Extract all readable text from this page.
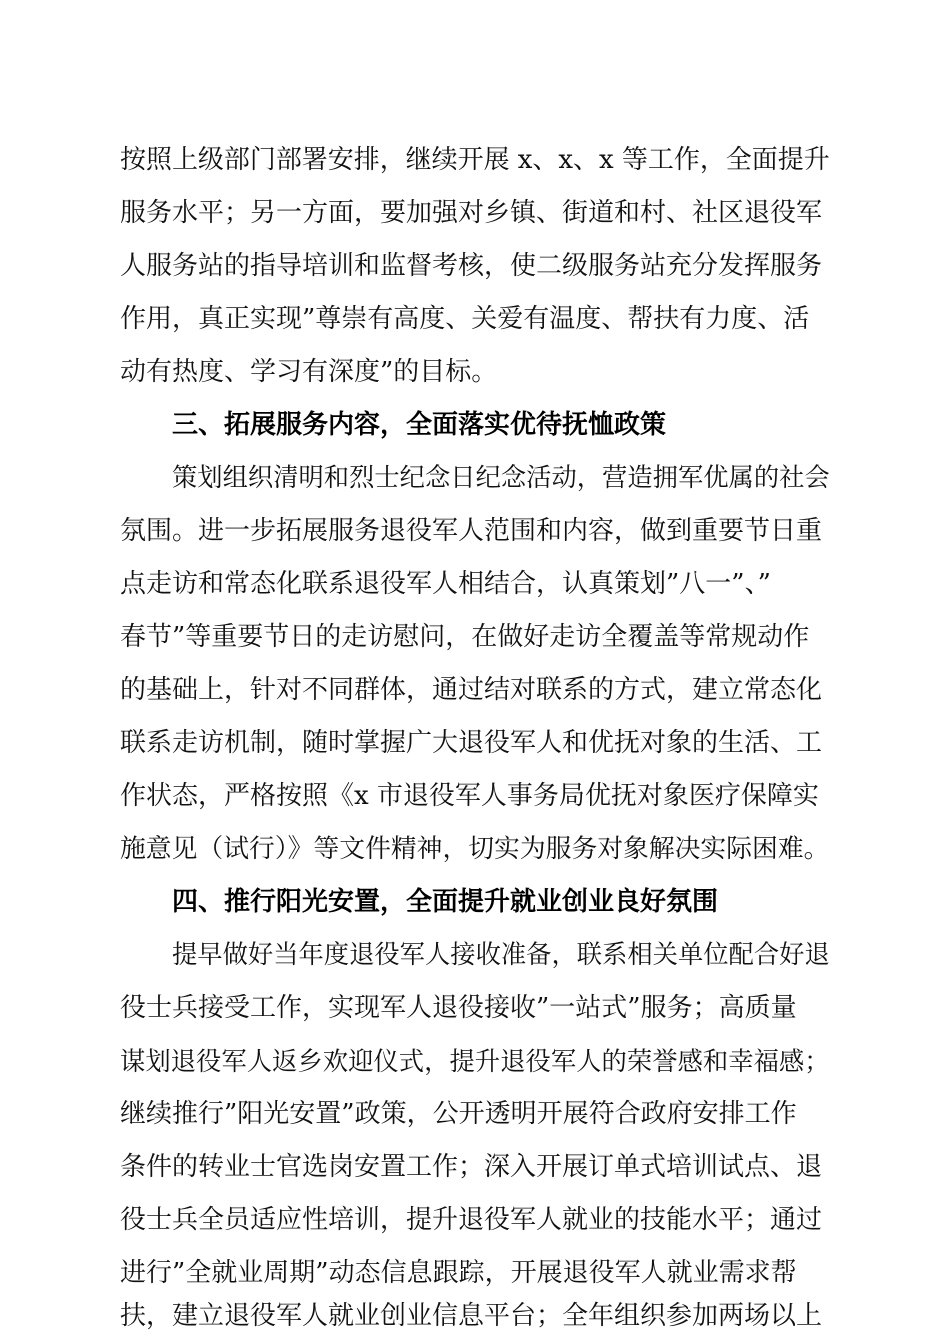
按照上级部门部署安排，继续开展 x、x、x 等工作，全面提升
服务水平；另一方面，要加强对乡镇、街道和村、社区退役军
人服务站的指导培训和监督考核，使二级服务站充分发挥服务
作用，真正实现”尊崇有高度、关爱有温度、帮扶有力度、活
动有热度、学习有深度”的目标。
三、拓展服务内容，全面落实优待抚恤政策
策划组织清明和烈士纪念日纪念活动，营造拥军优属的社会
氛围。进一步拓展服务退役军人范围和内容，做到重要节日重
点走访和常态化联系退役军人相结合，认真策划”八一”、”
春节”等重要节日的走访慰问，在做好走访全覆盖等常规动作
的基础上，针对不同群体，通过结对联系的方式，建立常态化
联系走访机制，随时掌握广大退役军人和优抚对象的生活、工
作状态，严格按照《x 市退役军人事务局优抚对象医疗保障实
施意见（试行）》等文件精神，切实为服务对象解决实际困难。
四、推行阳光安置，全面提升就业创业良好氛围
提早做好当年度退役军人接收准备，联系相关单位配合好退
役士兵接受工作，实现军人退役接收”一站式”服务；高质量
谋划退役军人返乡欢迎仪式，提升退役军人的荣誉感和幸福感；
继续推行”阳光安置”政策，公开透明开展符合政府安排工作
条件的转业士官选岗安置工作；深入开展订单式培训试点、退
役士兵全员适应性培训，提升退役军人就业的技能水平；通过
进行”全就业周期”动态信息跟踪，开展退役军人就业需求帮
扶，建立退役军人就业创业信息平台；全年组织参加两场以上
